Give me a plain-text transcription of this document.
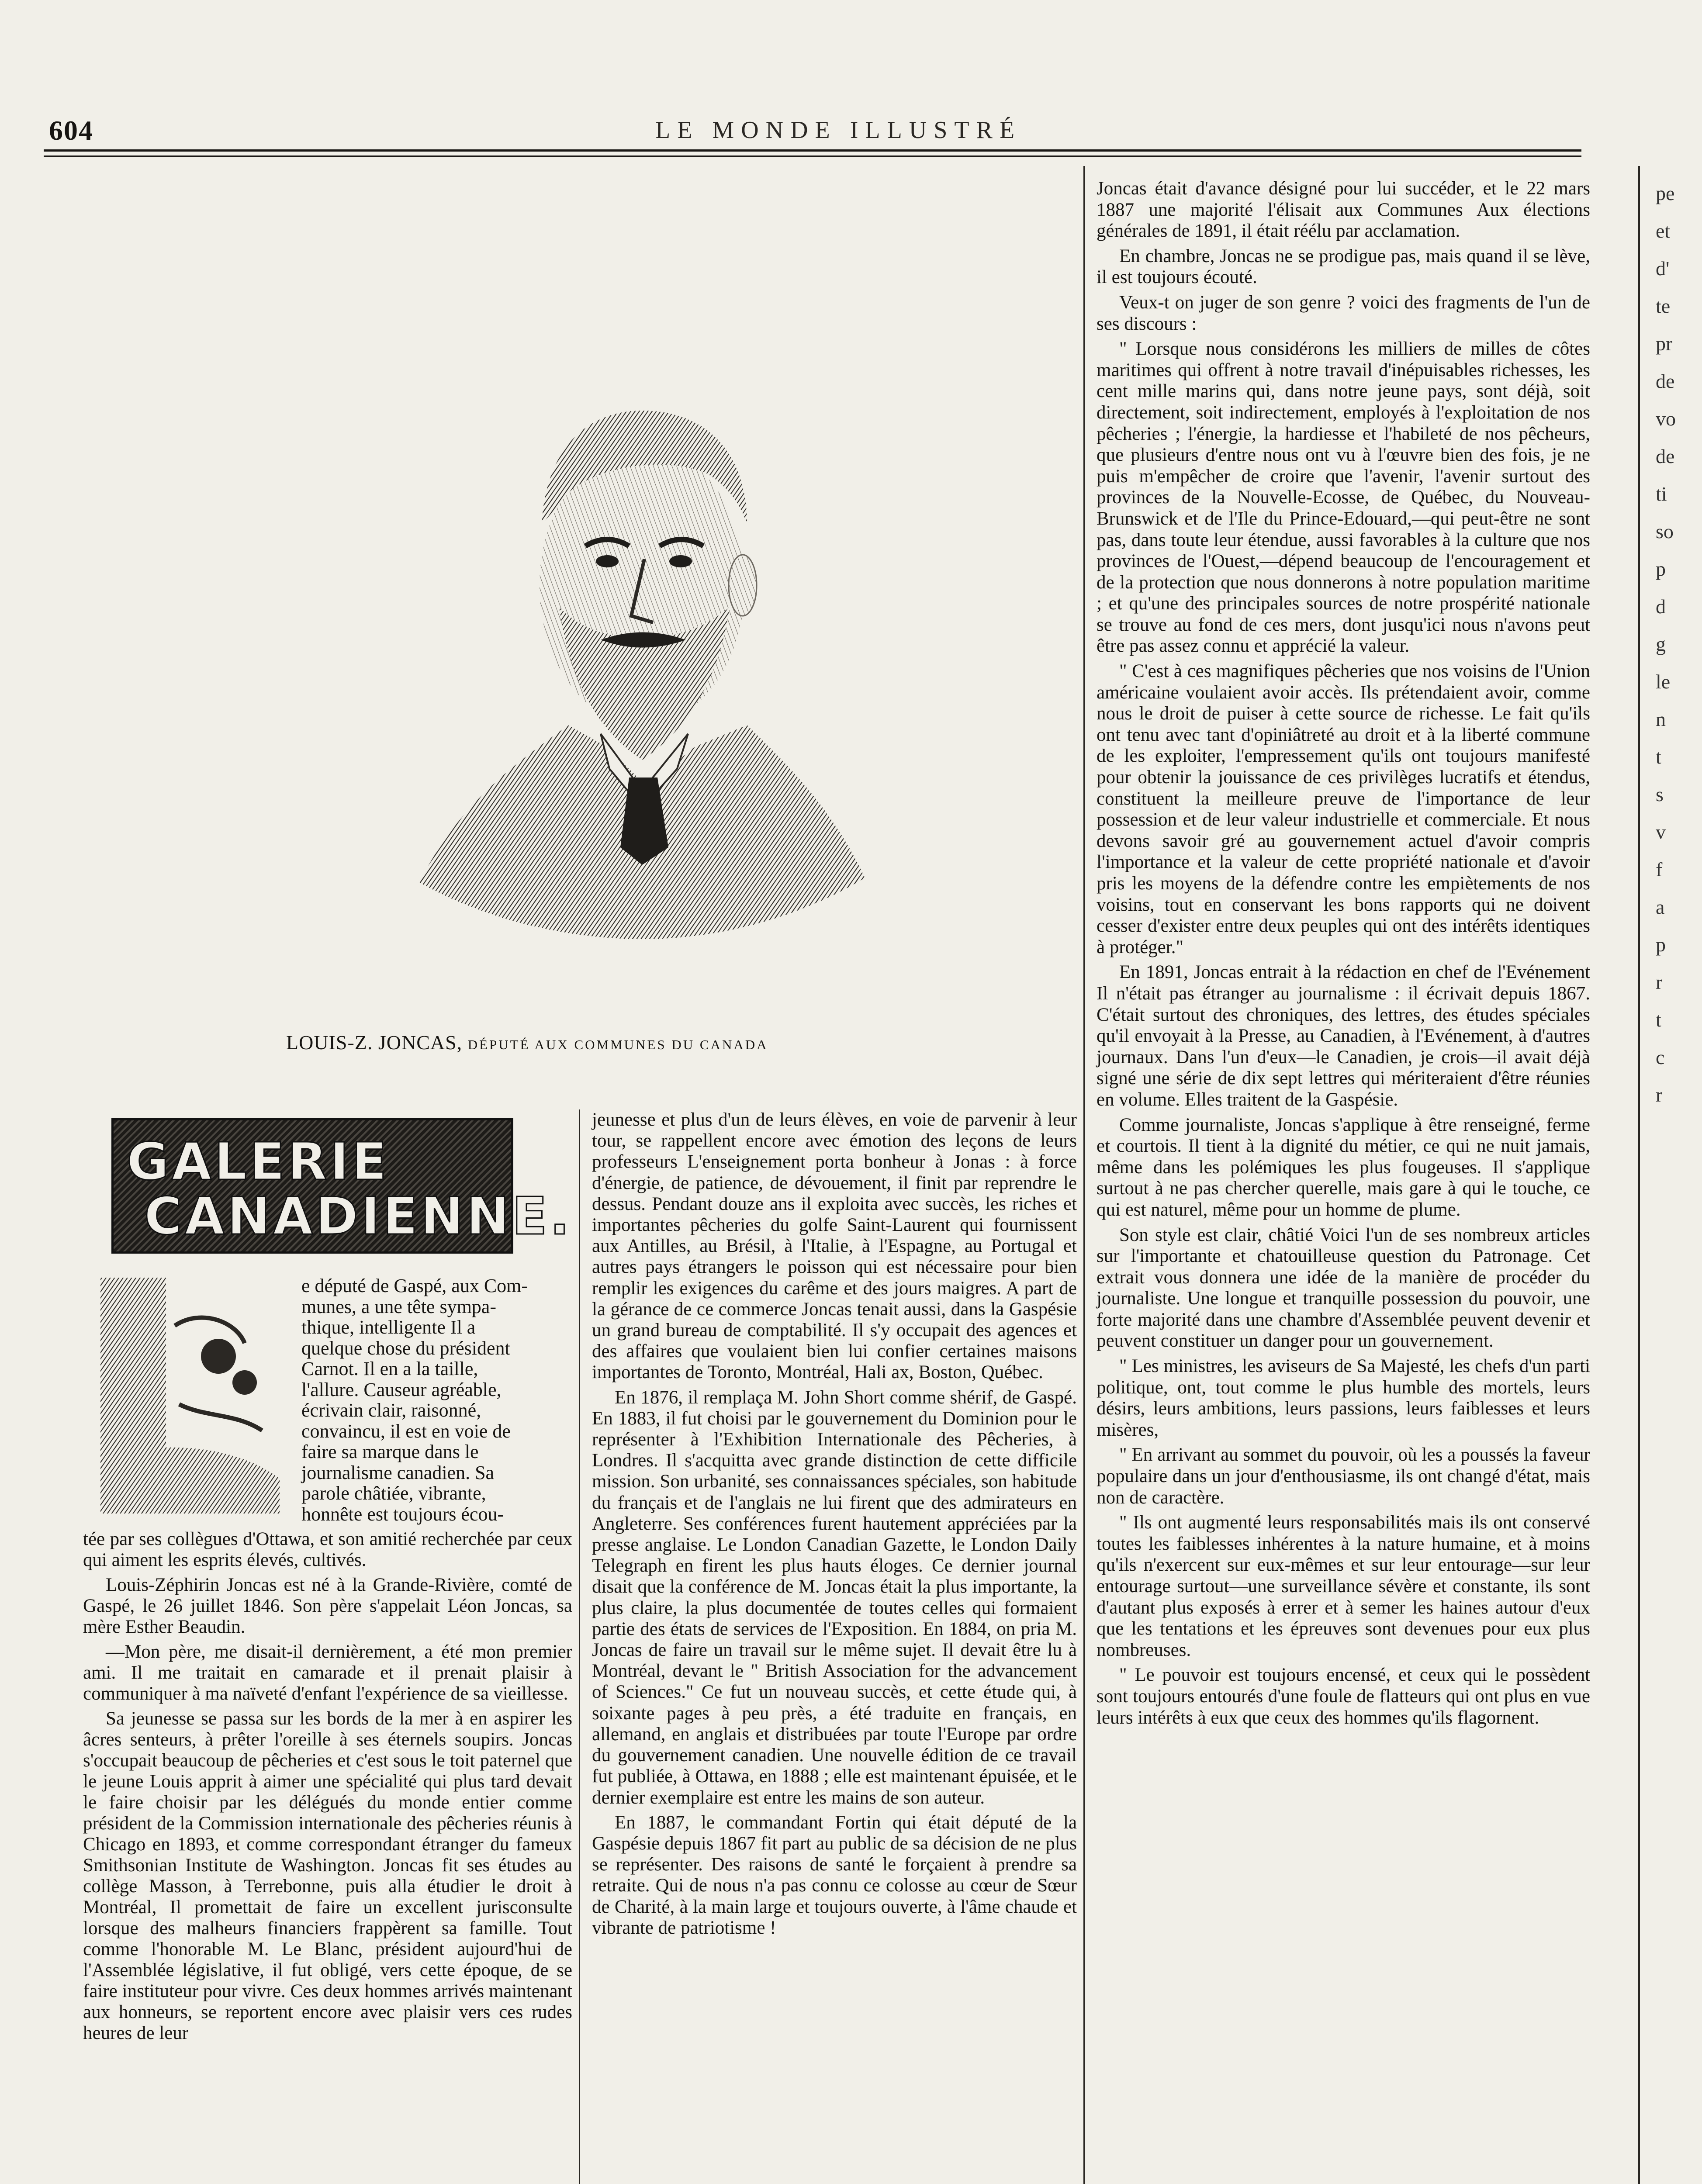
604	LE MONDE ILLUSTRÉ
LOUIS-Z. JONCAS, DÉPUTÉ AUX COMMUNES DU CANADA
GALERIE
CANADIENNE.
e député de Gaspé, aux Com-
munes, a une tête sympa-
thique, intelligente Il a
quelque chose du président
Carnot. Il en a la taille,
l'allure. Causeur agréable,
écrivain clair, raisonné,
convaincu, il est en voie de
faire sa marque dans le
journalisme canadien. Sa
parole châtiée, vibrante,
honnête est toujours écou-

tée par ses collègues d'Ottawa, et son amitié recherchée par ceux qui aiment les esprits élevés, cultivés.

Louis-Zéphirin Joncas est né à la Grande-Rivière, comté de Gaspé, le 26 juillet 1846. Son père s'appelait Léon Joncas, sa mère Esther Beaudin.

—Mon père, me disait-il dernièrement, a été mon premier ami. Il me traitait en camarade et il prenait plaisir à communiquer à ma naïveté d'enfant l'expérience de sa vieillesse.

Sa jeunesse se passa sur les bords de la mer à en aspirer les âcres senteurs, à prêter l'oreille à ses éternels soupirs. Joncas s'occupait beaucoup de pêcheries et c'est sous le toit paternel que le jeune Louis apprit à aimer une spécialité qui plus tard devait le faire choisir par les délégués du monde entier comme président de la Commission internationale des pêcheries réunis à Chicago en 1893, et comme correspondant étranger du fameux Smithsonian Institute de Washington. Joncas fit ses études au collège Masson, à Terrebonne, puis alla étudier le droit à Montréal, Il promettait de faire un excellent jurisconsulte lorsque des malheurs financiers frappèrent sa famille. Tout comme l'honorable M. Le Blanc, président aujourd'hui de l'Assemblée législative, il fut obligé, vers cette époque, de se faire instituteur pour vivre. Ces deux hommes arrivés maintenant aux honneurs, se reportent encore avec plaisir vers ces rudes heures de leur

jeunesse et plus d'un de leurs élèves, en voie de parvenir à leur tour, se rappellent encore avec émotion des leçons de leurs professeurs L'enseignement porta bonheur à Jonas : à force d'énergie, de patience, de dévouement, il finit par reprendre le dessus. Pendant douze ans il exploita avec succès, les riches et importantes pêcheries du golfe Saint-Laurent qui fournissent aux Antilles, au Brésil, à l'Italie, à l'Espagne, au Portugal et autres pays étrangers le poisson qui est nécessaire pour bien remplir les exigences du carême et des jours maigres. A part de la gérance de ce commerce Joncas tenait aussi, dans la Gaspésie un grand bureau de comptabilité. Il s'y occupait des agences et des affaires que voulaient bien lui confier certaines maisons importantes de Toronto, Montréal, Hali ax, Boston, Québec.

En 1876, il remplaça M. John Short comme shérif, de Gaspé. En 1883, il fut choisi par le gouvernement du Dominion pour le représenter à l'Exhibition Internationale des Pêcheries, à Londres. Il s'acquitta avec grande distinction de cette difficile mission. Son urbanité, ses connaissances spéciales, son habitude du français et de l'anglais ne lui firent que des admirateurs en Angleterre. Ses conférences furent hautement appréciées par la presse anglaise. Le London Canadian Gazette, le London Daily Telegraph en firent les plus hauts éloges. Ce dernier journal disait que la conférence de M. Joncas était la plus importante, la plus claire, la plus documentée de toutes celles qui formaient partie des états de services de l'Exposition. En 1884, on pria M. Joncas de faire un travail sur le même sujet. Il devait être lu à Montréal, devant le " British Association for the advancement of Sciences." Ce fut un nouveau succès, et cette étude qui, à soixante pages à peu près, a été traduite en français, en allemand, en anglais et distribuées par toute l'Europe par ordre du gouvernement canadien. Une nouvelle édition de ce travail fut publiée, à Ottawa, en 1888 ; elle est maintenant épuisée, et le dernier exemplaire est entre les mains de son auteur.

En 1887, le commandant Fortin qui était député de la Gaspésie depuis 1867 fit part au public de sa décision de ne plus se représenter. Des raisons de santé le forçaient à prendre sa retraite. Qui de nous n'a pas connu ce colosse au cœur de Sœur de Charité, à la main large et toujours ouverte, à l'âme chaude et vibrante de patriotisme !

Joncas était d'avance désigné pour lui succéder, et le 22 mars 1887 une majorité l'élisait aux Communes Aux élections générales de 1891, il était réélu par acclamation.

En chambre, Joncas ne se prodigue pas, mais quand il se lève, il est toujours écouté.

Veux-t on juger de son genre ? voici des fragments de l'un de ses discours :

" Lorsque nous considérons les milliers de milles de côtes maritimes qui offrent à notre travail d'inépuisables richesses, les cent mille marins qui, dans notre jeune pays, sont déjà, soit directement, soit indirectement, employés à l'exploitation de nos pêcheries ; l'énergie, la hardiesse et l'habileté de nos pêcheurs, que plusieurs d'entre nous ont vu à l'œuvre bien des fois, je ne puis m'empêcher de croire que l'avenir, l'avenir surtout des provinces de la Nouvelle-Ecosse, de Québec, du Nouveau-Brunswick et de l'Ile du Prince-Edouard,—qui peut-être ne sont pas, dans toute leur étendue, aussi favorables à la culture que nos provinces de l'Ouest,—dépend beaucoup de l'encouragement et de la protection que nous donnerons à notre population maritime ; et qu'une des principales sources de notre prospérité nationale se trouve au fond de ces mers, dont jusqu'ici nous n'avons peut être pas assez connu et apprécié la valeur.

" C'est à ces magnifiques pêcheries que nos voisins de l'Union américaine voulaient avoir accès. Ils prétendaient avoir, comme nous le droit de puiser à cette source de richesse. Le fait qu'ils ont tenu avec tant d'opiniâtreté au droit et à la liberté commune de les exploiter, l'empressement qu'ils ont toujours manifesté pour obtenir la jouissance de ces privilèges lucratifs et étendus, constituent la meilleure preuve de l'importance de leur possession et de leur valeur industrielle et commerciale. Et nous devons savoir gré au gouvernement actuel d'avoir compris l'importance et la valeur de cette propriété nationale et d'avoir pris les moyens de la défendre contre les empiètements de nos voisins, tout en conservant les bons rapports qui ne doivent cesser d'exister entre deux peuples qui ont des intérêts identiques à protéger."

En 1891, Joncas entrait à la rédaction en chef de l'Evénement Il n'était pas étranger au journalisme : il écrivait depuis 1867. C'était surtout des chroniques, des lettres, des études spéciales qu'il envoyait à la Presse, au Canadien, à l'Evénement, à d'autres journaux. Dans l'un d'eux—le Canadien, je crois—il avait déjà signé une série de dix sept lettres qui mériteraient d'être réunies en volume. Elles traitent de la Gaspésie.

Comme journaliste, Joncas s'applique à être renseigné, ferme et courtois. Il tient à la dignité du métier, ce qui ne nuit jamais, même dans les polémiques les plus fougeuses. Il s'applique surtout à ne pas chercher querelle, mais gare à qui le touche, ce qui est naturel, même pour un homme de plume.

Son style est clair, châtié Voici l'un de ses nombreux articles sur l'importante et chatouilleuse question du Patronage. Cet extrait vous donnera une idée de la manière de procéder du journaliste. Une longue et tranquille possession du pouvoir, une forte majorité dans une chambre d'Assemblée peuvent devenir et peuvent constituer un danger pour un gouvernement.

" Les ministres, les aviseurs de Sa Majesté, les chefs d'un parti politique, ont, tout comme le plus humble des mortels, leurs désirs, leurs ambitions, leurs passions, leurs faiblesses et leurs misères,

" En arrivant au sommet du pouvoir, où les a poussés la faveur populaire dans un jour d'enthousiasme, ils ont changé d'état, mais non de caractère.

" Ils ont augmenté leurs responsabilités mais ils ont conservé toutes les faiblesses inhérentes à la nature humaine, et à moins qu'ils n'exercent sur eux-mêmes et sur leur entourage—sur leur entourage surtout—une surveillance sévère et constante, ils sont d'autant plus exposés à errer et à semer les haines autour d'eux que les tentations et les épreuves sont devenues pour eux plus nombreuses.

" Le pouvoir est toujours encensé, et ceux qui le possèdent sont toujours entourés d'une foule de flatteurs qui ont plus en vue leurs intérêts à eux que ceux des hommes qu'ils flagornent.

pe
et
d'
te
pr
de
vo
de
ti
so
p
d
g
le
n
t
s
v
f
a
p
r
t
c
r
